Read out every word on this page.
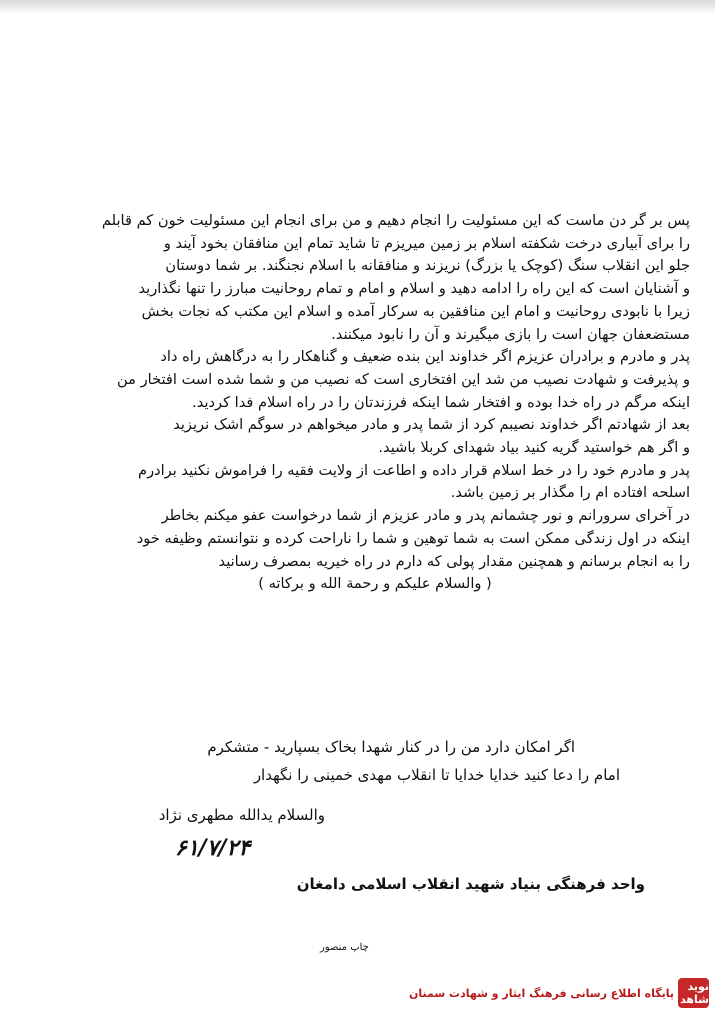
پس بر گر دن ماست که این مسئولیت را انجام دهیم و من برای انجام این مسئولیت خون کم قابلم
را برای آبیاری درخت شکفته اسلام بر زمین میریزم تا شاید تمام این منافقان بخود آیند و
جلو این انقلاب سنگ (کوچک یا بزرگ) نریزند و منافقانه با اسلام نجنگند. بر شما دوستان
و آشنایان است که این راه را ادامه دهید و اسلام و امام و تمام روحانیت مبارز را تنها نگذارید
زیرا با نابودی روحانیت و امام این منافقین به سرکار آمده و اسلام این مکتب که نجات بخش
مستضعفان جهان است را بازی میگیرند و آن را نابود میکنند.
پدر و مادرم و برادران عزیزم اگر خداوند این بنده ضعیف و گناهکار را به درگاهش راه داد
و پذیرفت و شهادت نصیب من شد این افتخاری است که نصیب من و شما شده است افتخار من
اینکه مرگم در راه خدا بوده و افتخار شما اینکه فرزندتان را در راه اسلام فدا کردید.
بعد از شهادتم اگر خداوند نصیبم کرد از شما پدر و مادر میخواهم در سوگم اشک نریزید
و اگر هم خواستید گریه کنید بیاد شهدای کربلا باشید.
پدر و مادرم خود را در خط اسلام قرار داده و اطاعت از ولایت فقیه را فراموش نکنید برادرم
اسلحه افتاده ام را مگذار بر زمین باشد.
در آخرای سرورانم و نور چشمانم پدر و مادر عزیزم از شما درخواست عفو میکنم بخاطر
اینکه در اول زندگی ممکن است به شما توهین و شما را ناراحت کرده و نتوانستم وظیفه خود
را به انجام برسانم و همچنین مقدار پولی که دارم در راه خیریه بمصرف رسانید
( والسلام علیکم و رحمة الله و برکاته )
اگر امکان دارد من را در کنار شهدا بخاک بسپارید - متشکرم
امام را دعا کنید خدایا خدایا تا انقلاب مهدی خمینی را نگهدار
والسلام یدالله مطهری نژاد
۶۱/۷/۲۴
واحد فرهنگی بنیاد شهید انقلاب اسلامی دامغان
چاپ منصور
نوید شاهد
پایگاه اطلاع رسانی فرهنگ ایثار و شهادت سمنان
